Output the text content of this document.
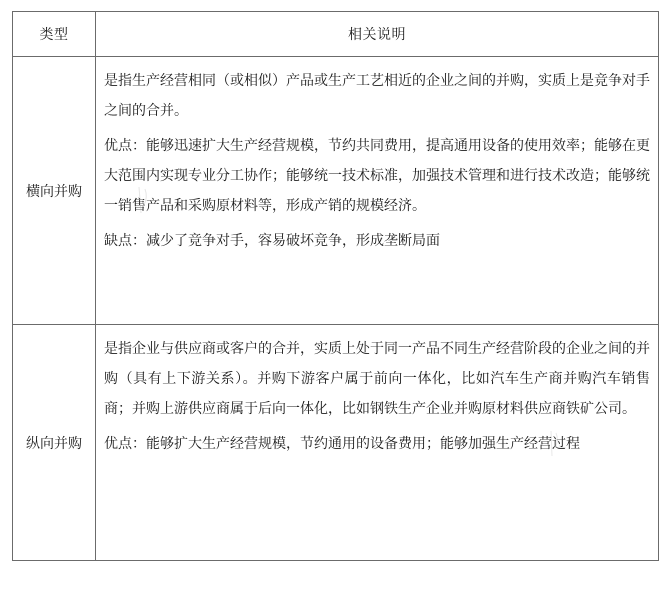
类型	相关说明
横向并购	是指生产经营相同（或相似）产品或生产工艺相近的企业之间的并购，实质上是竞争对手之间的合并。

优点：能够迅速扩大生产经营规模，节约共同费用，提高通用设备的使用效率；能够在更大范围内实现专业分工协作；能够统一技术标准，加强技术管理和进行技术改造；能够统一销售产品和采购原材料等，形成产销的规模经济。

缺点：减少了竞争对手，容易破坏竞争，形成垄断局面

纵向并购	是指企业与供应商或客户的合并，实质上处于同一产品不同生产经营阶段的企业之间的并购（具有上下游关系）。并购下游客户属于前向一体化，比如汽车生产商并购汽车销售商；并购上游供应商属于后向一体化，比如钢铁生产企业并购原材料供应商铁矿公司。

优点：能够扩大生产经营规模，节约通用的设备费用；能够加强生产经营过程
